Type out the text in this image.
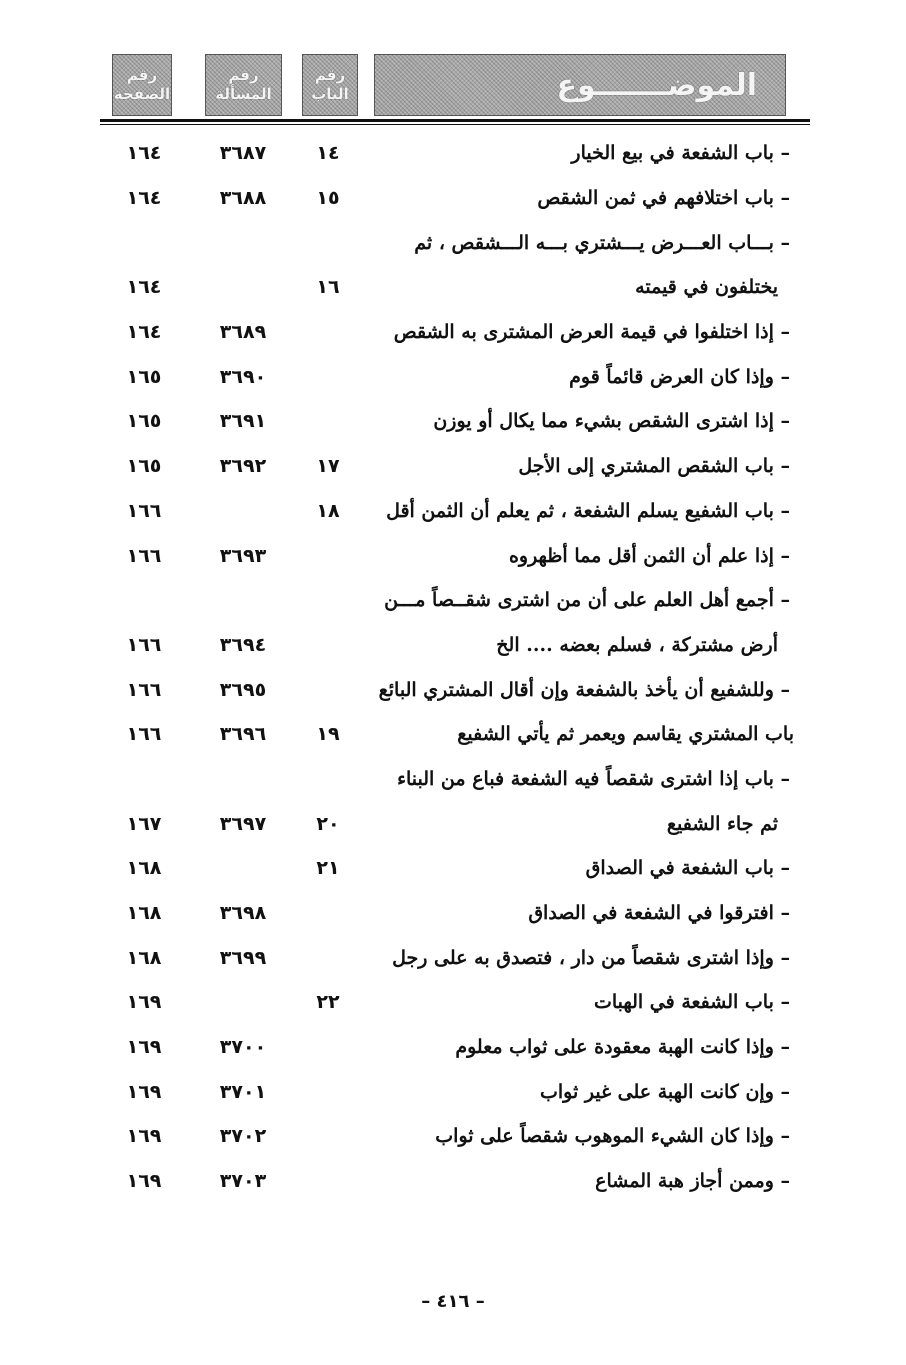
رقم
الصفحة
رقم
المسألة
رقم
الباب	الموضـــــــوع
– باب الشفعة في بيع الخيار
١٤
٣٦٨٧
١٦٤
– باب اختلافهم في ثمن الشقص
١٥
٣٦٨٨
١٦٤
– بـــاب العـــرض يـــشتري بـــه الـــشقص ، ثم
يختلفون في قيمته
١٦
١٦٤
– إذا اختلفوا في قيمة العرض المشترى به الشقص
٣٦٨٩
١٦٤
– وإذا كان العرض قائماً قوم
٣٦٩٠
١٦٥
– إذا اشترى الشقص بشيء مما يكال أو يوزن
٣٦٩١
١٦٥
– باب الشقص المشتري إلى الأجل
١٧
٣٦٩٢
١٦٥
– باب الشفيع يسلم الشفعة ، ثم يعلم أن الثمن أقل
١٨
١٦٦
– إذا علم أن الثمن أقل مما أظهروه
٣٦٩٣
١٦٦
– أجمع أهل العلم على أن من اشترى شقــصاً مـــن
أرض مشتركة ، فسلم بعضه .... الخ
٣٦٩٤
١٦٦
– وللشفيع أن يأخذ بالشفعة وإن أقال المشتري البائع
٣٦٩٥
١٦٦
باب المشتري يقاسم ويعمر ثم يأتي الشفيع
١٩
٣٦٩٦
١٦٦
– باب إذا اشترى شقصاً فيه الشفعة فباع من البناء
ثم جاء الشفيع
٢٠
٣٦٩٧
١٦٧
– باب الشفعة في الصداق
٢١
١٦٨
– افترقوا في الشفعة في الصداق
٣٦٩٨
١٦٨
– وإذا اشترى شقصاً من دار ، فتصدق به على رجل
٣٦٩٩
١٦٨
– باب الشفعة في الهبات
٢٢
١٦٩
– وإذا كانت الهبة معقودة على ثواب معلوم
٣٧٠٠
١٦٩
– وإن كانت الهبة على غير ثواب
٣٧٠١
١٦٩
– وإذا كان الشيء الموهوب شقصاً على ثواب
٣٧٠٢
١٦٩
– وممن أجاز هبة المشاع
٣٧٠٣
١٦٩
– ٤١٦ –
